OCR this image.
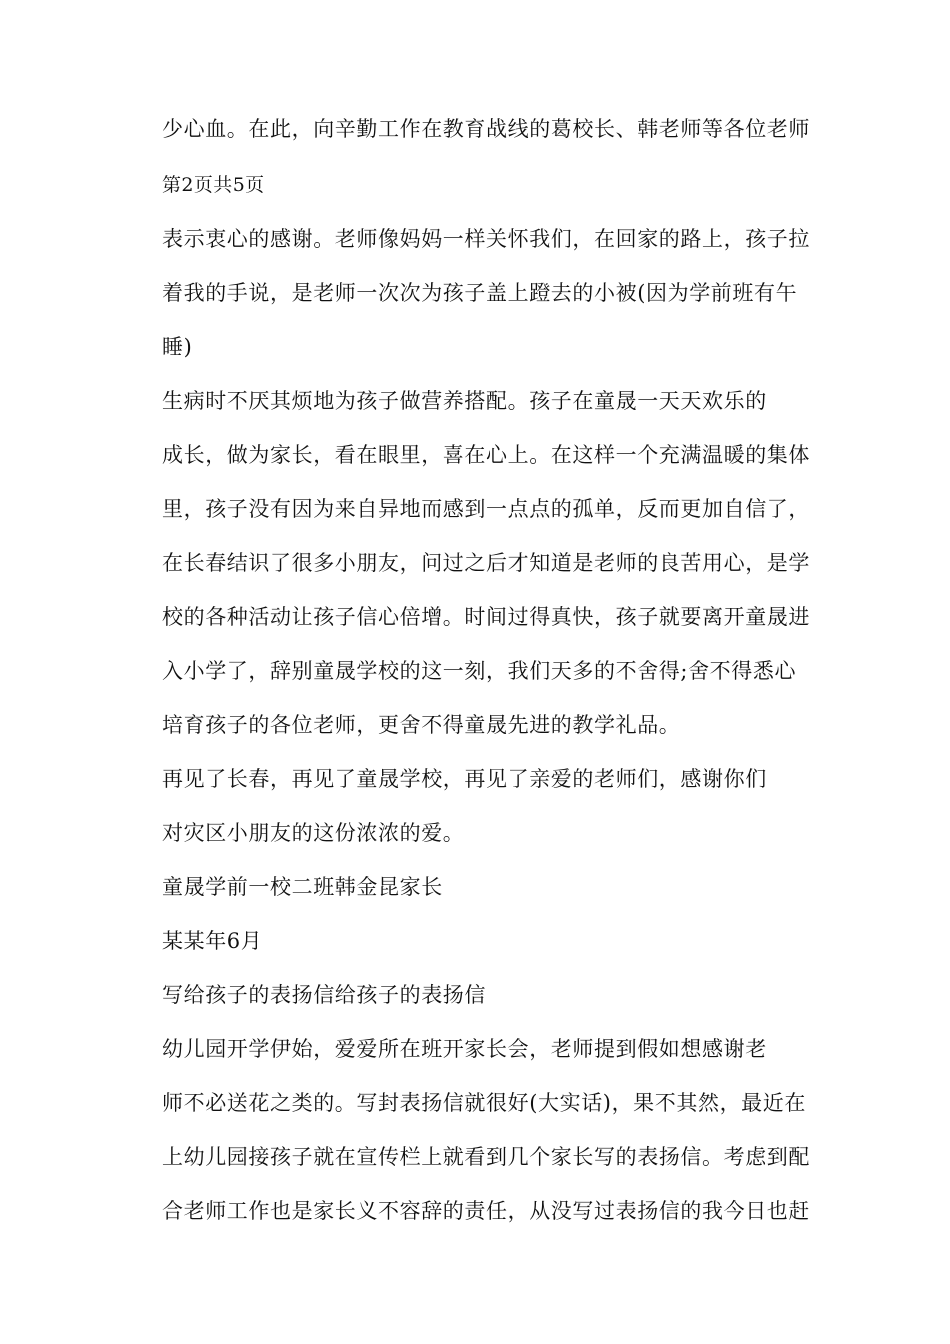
少心血。在此，向辛勤工作在教育战线的葛校长、韩老师等各位老师

第2页共5页

表示衷心的感谢。老师像妈妈一样关怀我们，在回家的路上，孩子拉

着我的手说，是老师一次次为孩子盖上蹬去的小被(因为学前班有午

睡)

生病时不厌其烦地为孩子做营养搭配。孩子在童晟一天天欢乐的

成长，做为家长，看在眼里，喜在心上。在这样一个充满温暖的集体

里，孩子没有因为来自异地而感到一点点的孤单，反而更加自信了，

在长春结识了很多小朋友，问过之后才知道是老师的良苦用心，是学

校的各种活动让孩子信心倍增。时间过得真快，孩子就要离开童晟进

入小学了，辞别童晟学校的这一刻，我们天多的不舍得;舍不得悉心

培育孩子的各位老师，更舍不得童晟先进的教学礼品。

再见了长春，再见了童晟学校，再见了亲爱的老师们，感谢你们

对灾区小朋友的这份浓浓的爱。

童晟学前一校二班韩金昆家长

某某年6月

写给孩子的表扬信给孩子的表扬信

幼儿园开学伊始，爱爱所在班开家长会，老师提到假如想感谢老

师不必送花之类的。写封表扬信就很好(大实话)，果不其然，最近在

上幼儿园接孩子就在宣传栏上就看到几个家长写的表扬信。考虑到配

合老师工作也是家长义不容辞的责任，从没写过表扬信的我今日也赶
